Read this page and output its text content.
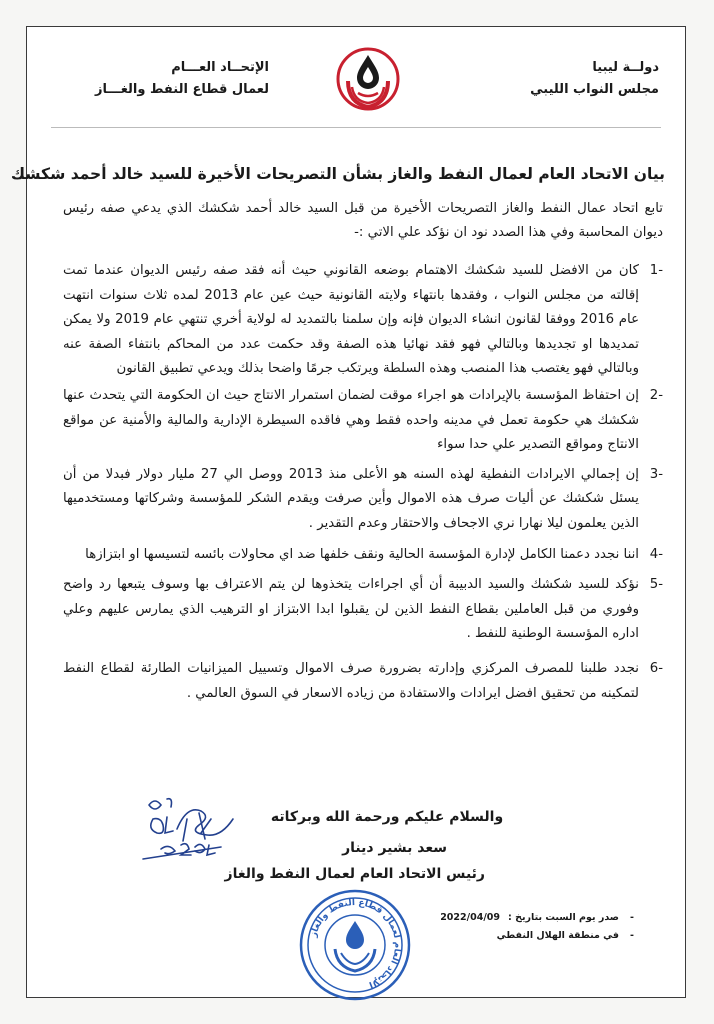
دولــة ليبيا
مجلس النواب الليبي
الإتحــاد العـــام
لعمال قطاع النفط والغـــاز
بيان الاتحاد العام لعمال النفط والغاز بشأن التصريحات الأخيرة للسيد خالد أحمد شكشك
تابع اتحاد عمال النفط والغاز التصريحات الأخيرة من قبل السيد خالد أحمد شكشك الذي يدعي صفه رئيس ديوان المحاسبة وفي هذا الصدد نود ان نؤكد علي الاتي :-
-1
كان من الافضل للسيد شكشك الاهتمام بوضعه القانوني حيث أنه فقد صفه رئيس الديوان عندما تمت إقالته من مجلس النواب ، وفقدها بانتهاء ولايته القانونية حيث عين عام 2013 لمده ثلاث سنوات انتهت عام 2016 ووفقا لقانون انشاء الديوان فإنه وإن سلمنا بالتمديد له لولاية أخري تنتهي عام 2019 ولا يمكن تمديدها او تجديدها وبالتالي فهو فقد نهائيا هذه الصفة وقد حكمت عدد من المحاكم بانتفاء الصفة عنه وبالتالي فهو يغتصب هذا المنصب وهذه السلطة ويرتكب جرمًا واضحا بذلك ويدعي تطبيق القانون
-2
إن احتفاظ المؤسسة بالإيرادات هو اجراء موقت لضمان استمرار الانتاج حيث ان الحكومة التي يتحدث عنها شكشك هي حكومة تعمل في مدينه واحده فقط وهي فاقده السيطرة الإدارية والمالية والأمنية عن مواقع الانتاج ومواقع التصدير علي حدا سواء
-3
إن إجمالي الايرادات النفطية لهذه السنه هو الأعلى منذ 2013 ووصل الي 27 مليار دولار فبدلا من أن يسئل شكشك عن أليات صرف هذه الاموال وأين صرفت ويقدم الشكر للمؤسسة وشركاتها ومستخدميها الذين يعلمون ليلا نهارا نري الاجحاف والاحتقار وعدم التقدير .
-4
اننا نجدد دعمنا الكامل لإدارة المؤسسة الحالية ونقف خلفها ضد اي محاولات بائسه لتسيسها او ابتزازها
-5
نؤكد للسيد شكشك والسيد الدبيبة أن أي اجراءات يتخذوها لن يتم الاعتراف بها وسوف يتبعها رد واضح وفوري من قبل العاملين بقطاع النفط الذين لن يقبلوا ابدا الابتزاز او الترهيب الذي يمارس عليهم وعلي اداره المؤسسة الوطنية للنفط .
-6
نجدد طلبنا للمصرف المركزي وإدارته بضرورة صرف الاموال وتسييل الميزانيات الطارئة لقطاع النفط لتمكينه من تحقيق افضل ايرادات والاستفادة من زياده الاسعار في السوق العالمي .
والسلام عليكم ورحمة الله وبركاته
سعد بشير دينار
رئيس الاتحاد العام لعمال النفط والغاز
الإتحاد العام لعمال قطاع النفط والغاز
-
صدر يوم السبت بتاريخ :
2022/04/09
-
في منطقة الهلال النفطي
